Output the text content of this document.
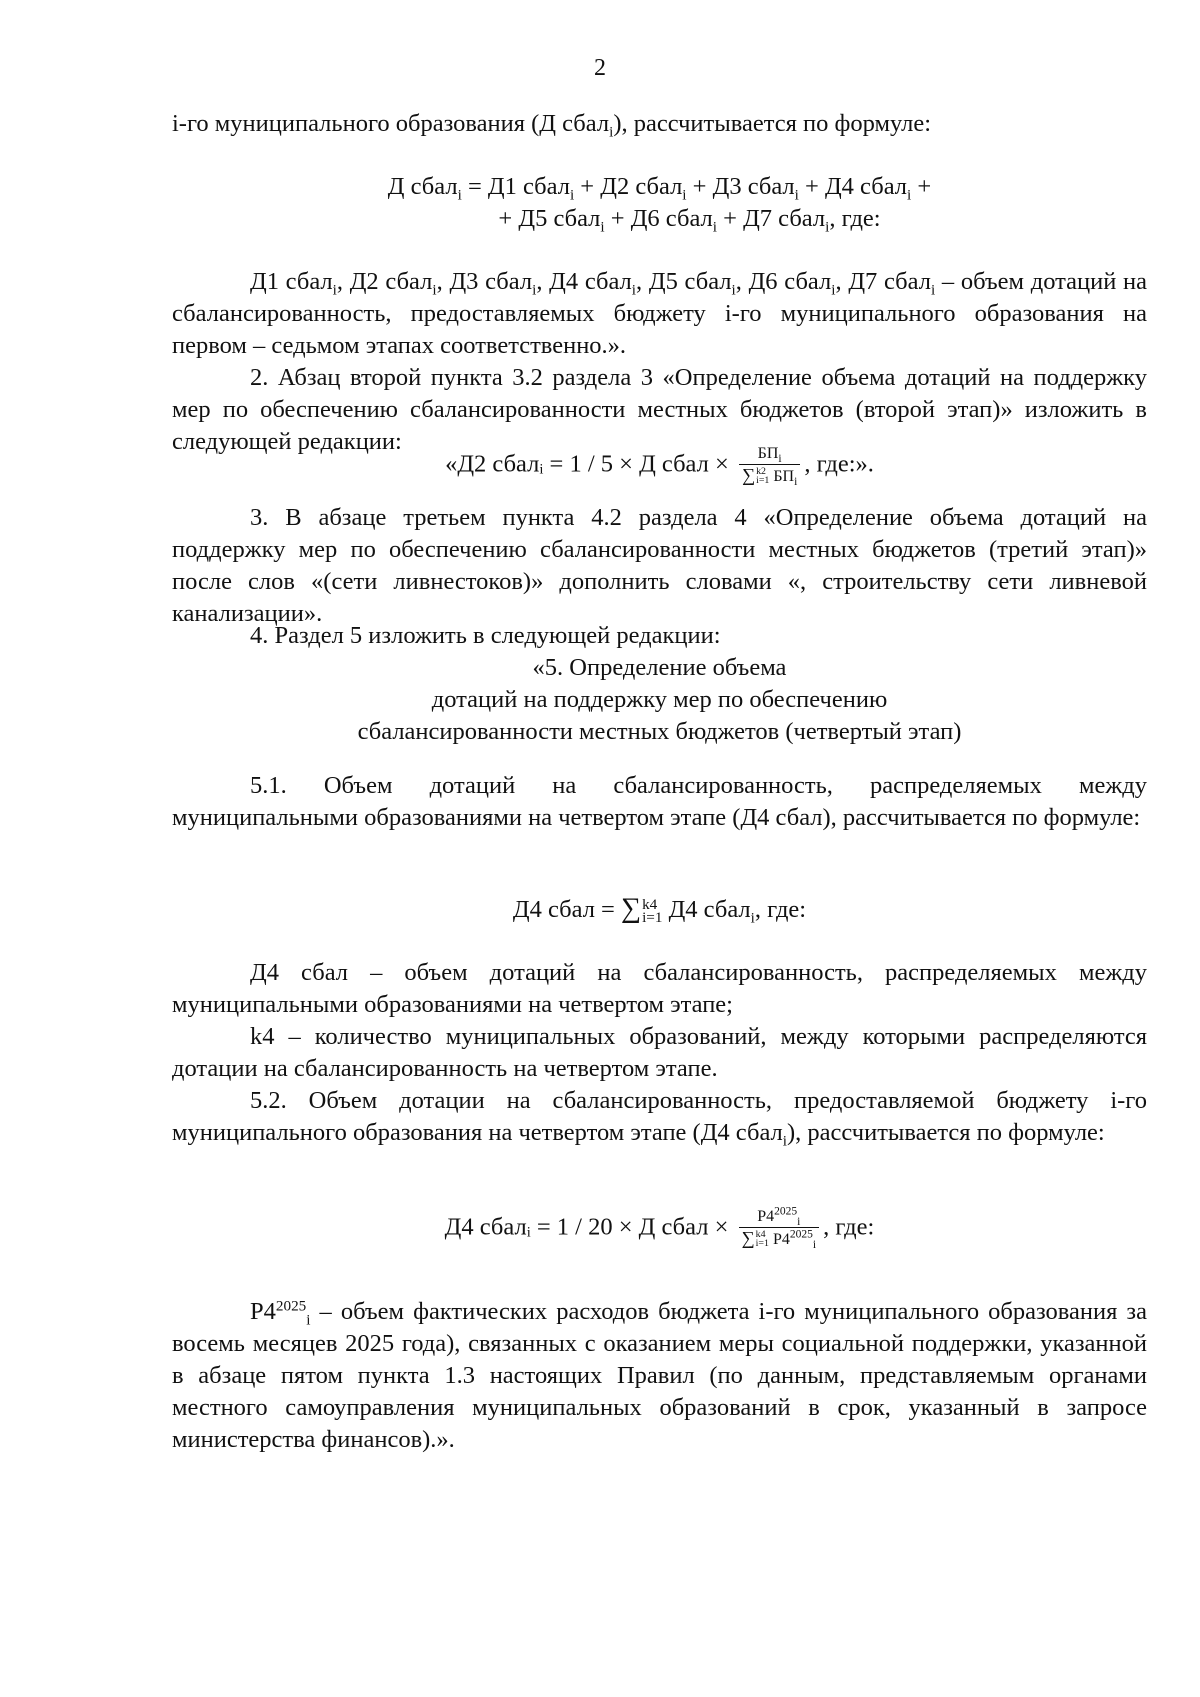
2
i-го муниципального образования (Д сбал$_i$), рассчитывается по формуле:
Д сбал$_i$ = Д1 сбал$_i$ + Д2 сбал$_i$ + Д3 сбал$_i$ + Д4 сбал$_i$ +
+ Д5 сбал$_i$ + Д6 сбал$_i$ + Д7 сбал$_i$, где:
Д1 сбал$_i$, Д2 сбал$_i$, Д3 сбал$_i$, Д4 сбал$_i$, Д5 сбал$_i$, Д6 сбал$_i$, Д7 сбал$_i$ – объем дотаций на сбалансированность, предоставляемых бюджету i-го муниципального образования на первом – седьмом этапах соответственно.».
2. Абзац второй пункта 3.2 раздела 3 «Определение объема дотаций на поддержку мер по обеспечению сбалансированности местных бюджетов (второй этап)» изложить в следующей редакции:
«Д2 сбалᵢ = 1 / 5 × Д сбал × $БП_i$
∑ k2
i=1 $БП_i$ , где:».
3. В абзаце третьем пункта 4.2 раздела 4 «Определение объема дотаций на поддержку мер по обеспечению сбалансированности местных бюджетов (третий этап)» после слов «(сети ливнестоков)» дополнить словами «, строительству сети ливневой канализации».
4. Раздел 5 изложить в следующей редакции:
«5. Определение объема
дотаций на поддержку мер по обеспечению
сбалансированности местных бюджетов (четвертый этап)
5.1. Объем дотаций на сбалансированность, распределяемых между муниципальными образованиями на четвертом этапе (Д4 сбал), рассчитывается по формуле:
Д4 сбал = ∑ k4
i=1 Д4 сбал$_i$, где:
Д4 сбал – объем дотаций на сбалансированность, распределяемых между муниципальными образованиями на четвертом этапе;
k4 – количество муниципальных образований, между которыми распределяются дотации на сбалансированность на четвертом этапе.
5.2. Объем дотации на сбалансированность, предоставляемой бюджету i-го муниципального образования на четвертом этапе (Д4 сбал$_i$), рассчитывается по формуле:
Д4 сбалᵢ = 1 / 20 × Д сбал × $P4^{2025}_i$
∑ k4
i=1 $P4^{2025}_i$ , где:
$P4^{2025}_i$ – объем фактических расходов бюджета i-го муниципального образования за восемь месяцев 2025 года), связанных с оказанием меры социальной поддержки, указанной в абзаце пятом пункта 1.3 настоящих Правил (по данным, представляемым органами местного самоуправления муниципальных образований в срок, указанный в запросе министерства финансов).».
